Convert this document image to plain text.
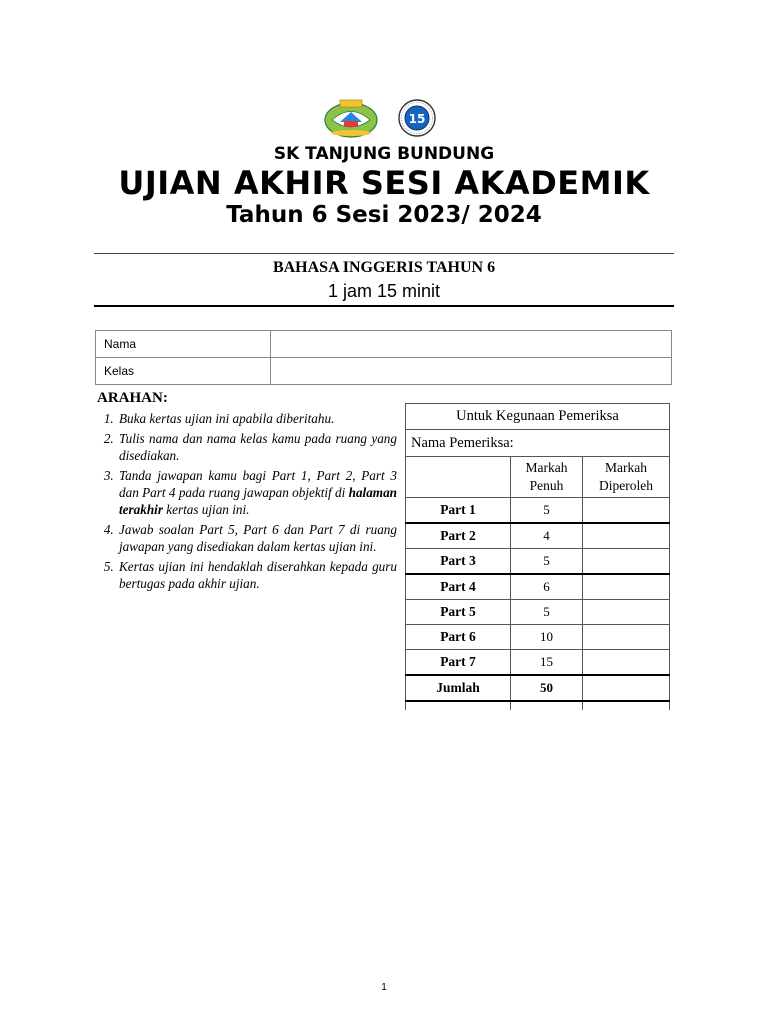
15
SK TANJUNG BUNDUNG
UJIAN AKHIR SESI AKADEMIK
Tahun 6 Sesi 2023/ 2024
BAHASA INGGERIS TAHUN 6
1 jam 15 minit
Nama	
Kelas	
ARAHAN:
1. Buka kertas ujian ini apabila diberitahu.
2. Tulis nama dan nama kelas kamu pada ruang yang disediakan.
3. Tanda jawapan kamu bagi Part 1, Part 2, Part 3 dan Part 4 pada ruang jawapan objektif di halaman terakhir kertas ujian ini.
4. Jawab soalan Part 5, Part 6 dan Part 7 di ruang jawapan yang disediakan dalam kertas ujian ini.
5. Kertas ujian ini hendaklah diserahkan kepada guru bertugas pada akhir ujian.
Untuk Kegunaan Pemeriksa		
Nama Pemeriksa:		
	Markah Penuh	Markah Diperoleh
Part 1	5	
Part 2	4	
Part 3	5	
Part 4	6	
Part 5	5	
Part 6	10	
Part 7	15	
Jumlah	50	

1
